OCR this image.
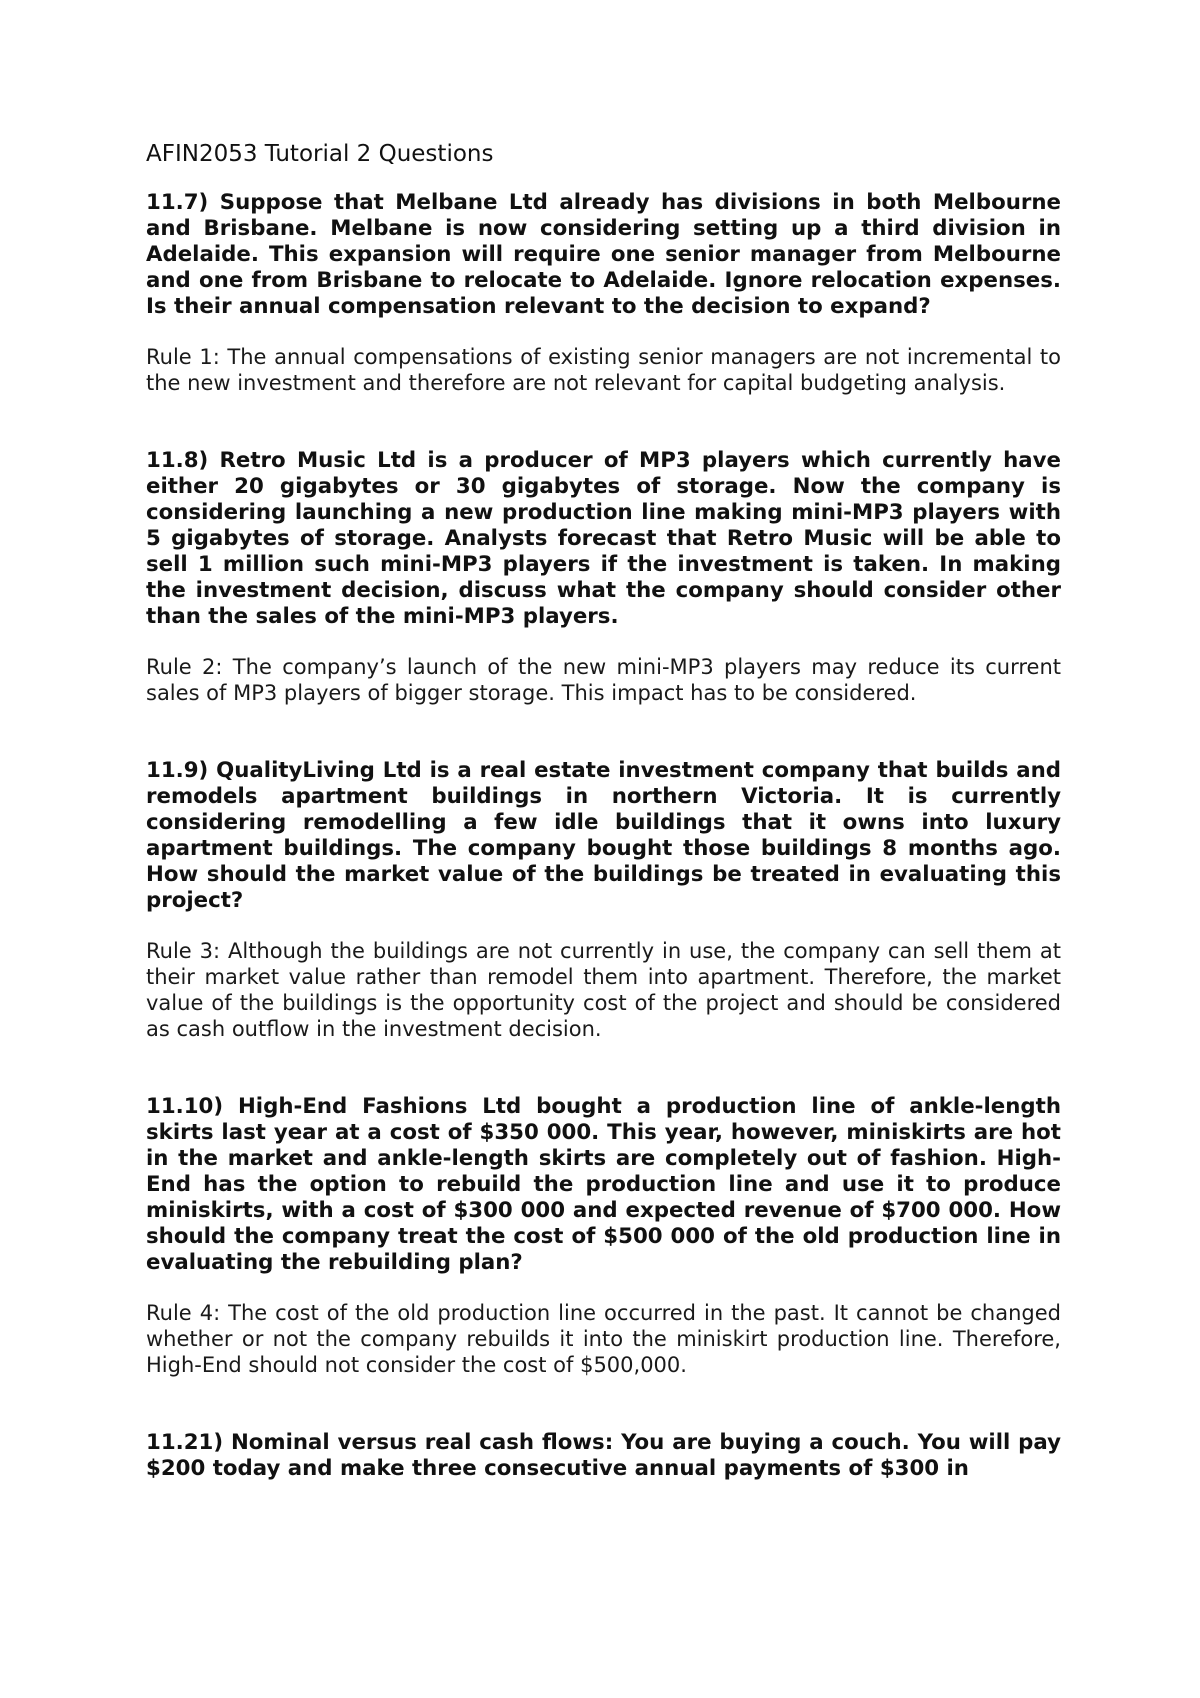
AFIN2053 Tutorial 2 Questions

11.7) Suppose that Melbane Ltd already has divisions in both Melbourne and Brisbane. Melbane is now considering setting up a third division in Adelaide. This expansion will require one senior manager from Melbourne and one from Brisbane to relocate to Adelaide. Ignore relocation expenses. Is their annual compensation relevant to the decision to expand?

Rule 1: The annual compensations of existing senior managers are not incremental to the new investment and therefore are not relevant for capital budgeting analysis.

11.8) Retro Music Ltd is a producer of MP3 players which currently have either 20 gigabytes or 30 gigabytes of storage. Now the company is considering launching a new production line making mini-MP3 players with 5 gigabytes of storage. Analysts forecast that Retro Music will be able to sell 1 million such mini-MP3 players if the investment is taken. In making the investment decision, discuss what the company should consider other than the sales of the mini-MP3 players.

Rule 2: The company’s launch of the new mini-MP3 players may reduce its current sales of MP3 players of bigger storage. This impact has to be considered.

11.9) QualityLiving Ltd is a real estate investment company that builds and remodels apartment buildings in northern Victoria. It is currently considering remodelling a few idle buildings that it owns into luxury apartment buildings. The company bought those buildings 8 months ago. How should the market value of the buildings be treated in evaluating this project?

Rule 3: Although the buildings are not currently in use, the company can sell them at their market value rather than remodel them into apartment. Therefore, the market value of the buildings is the opportunity cost of the project and should be considered as cash outflow in the investment decision.

11.10) High-End Fashions Ltd bought a production line of ankle-length skirts last year at a cost of $350 000. This year, however, miniskirts are hot in the market and ankle-length skirts are completely out of fashion. High-End has the option to rebuild the production line and use it to produce miniskirts, with a cost of $300 000 and expected revenue of $700 000. How should the company treat the cost of $500 000 of the old production line in evaluating the rebuilding plan?

Rule 4: The cost of the old production line occurred in the past. It cannot be changed whether or not the company rebuilds it into the miniskirt production line. Therefore, High-End should not consider the cost of $500,000.

11.21) Nominal versus real cash flows: You are buying a couch. You will pay $200 today and make three consecutive annual payments of $300 in
